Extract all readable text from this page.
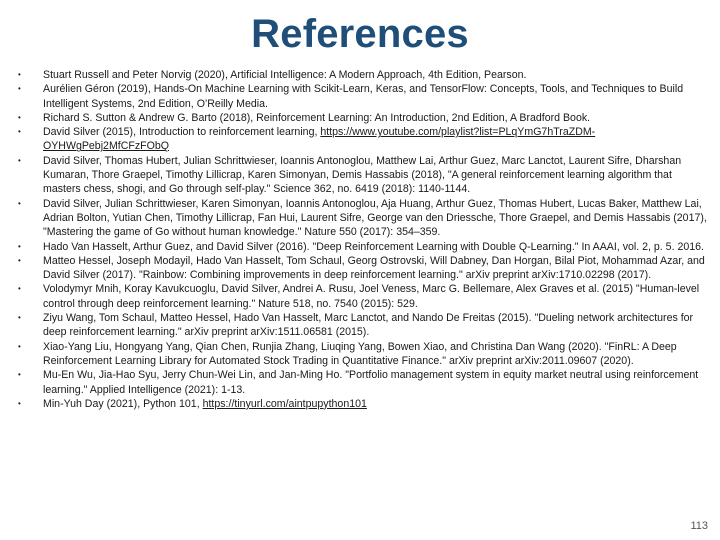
References
•	Stuart Russell and Peter Norvig (2020), Artificial Intelligence: A Modern Approach, 4th Edition, Pearson.
•	Aurélien Géron (2019), Hands-On Machine Learning with Scikit-Learn, Keras, and TensorFlow: Concepts, Tools, and Techniques to Build Intelligent Systems, 2nd Edition, O’Reilly Media.
•	Richard S. Sutton & Andrew G. Barto (2018), Reinforcement Learning: An Introduction, 2nd Edition, A Bradford Book.
•	David Silver (2015), Introduction to reinforcement learning, https://www.youtube.com/playlist?list=PLqYmG7hTraZDM-OYHWgPebj2MfCFzFObQ
•	David Silver, Thomas Hubert, Julian Schrittwieser, Ioannis Antonoglou, Matthew Lai, Arthur Guez, Marc Lanctot, Laurent Sifre, Dharshan Kumaran, Thore Graepel, Timothy Lillicrap, Karen Simonyan, Demis Hassabis (2018), "A general reinforcement learning algorithm that masters chess, shogi, and Go through self-play." Science 362, no. 6419 (2018): 1140-1144.
•	David Silver, Julian Schrittwieser, Karen Simonyan, Ioannis Antonoglou, Aja Huang, Arthur Guez, Thomas Hubert, Lucas Baker, Matthew Lai, Adrian Bolton, Yutian Chen, Timothy Lillicrap, Fan Hui, Laurent Sifre, George van den Driessche, Thore Graepel, and Demis Hassabis (2017), "Mastering the game of Go without human knowledge." Nature 550 (2017): 354–359.
•	Hado Van Hasselt, Arthur Guez, and David Silver (2016). "Deep Reinforcement Learning with Double Q-Learning." In AAAI, vol. 2, p. 5. 2016.
•	Matteo Hessel, Joseph Modayil, Hado Van Hasselt, Tom Schaul, Georg Ostrovski, Will Dabney, Dan Horgan, Bilal Piot, Mohammad Azar, and David Silver (2017). "Rainbow: Combining improvements in deep reinforcement learning." arXiv preprint arXiv:1710.02298 (2017).
•	Volodymyr Mnih, Koray Kavukcuoglu, David Silver, Andrei A. Rusu, Joel Veness, Marc G. Bellemare, Alex Graves et al. (2015) "Human-level control through deep reinforcement learning." Nature 518, no. 7540 (2015): 529.
•	Ziyu Wang, Tom Schaul, Matteo Hessel, Hado Van Hasselt, Marc Lanctot, and Nando De Freitas (2015). "Dueling network architectures for deep reinforcement learning." arXiv preprint arXiv:1511.06581 (2015).
•	Xiao-Yang Liu, Hongyang Yang, Qian Chen, Runjia Zhang, Liuqing Yang, Bowen Xiao, and Christina Dan Wang (2020). "FinRL: A Deep Reinforcement Learning Library for Automated Stock Trading in Quantitative Finance." arXiv preprint arXiv:2011.09607 (2020).
•	Mu-En Wu, Jia-Hao Syu, Jerry Chun-Wei Lin, and Jan-Ming Ho. "Portfolio management system in equity market neutral using reinforcement learning." Applied Intelligence (2021): 1-13.
•	Min-Yuh Day (2021), Python 101, https://tinyurl.com/aintpupython101
113
